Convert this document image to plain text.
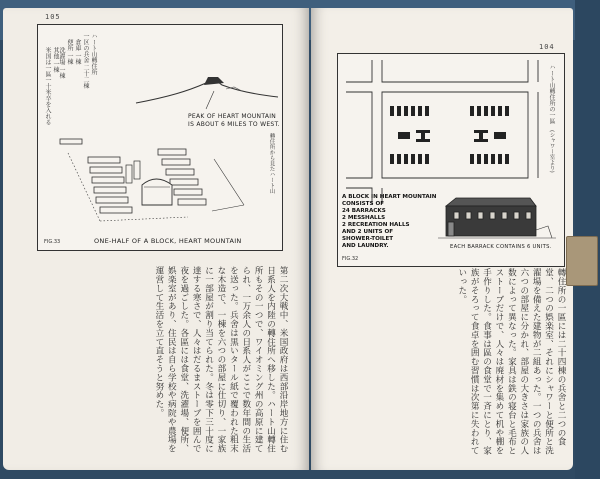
105
ハート山轉住所
一区の兵舍 二十二棟
倉庫 一棟
便所 一棟
洗濯場 一棟
其他 一棟
米国は一區一十米卒を入れる	PEAK OF HEART MOUNTAIN
IS ABOUT 6 MILES TO WEST.
轉住所から見たハート山
ONE-HALF OF A BLOCK, HEART MOUNTAIN
FIG.33
第二次大戦中、米国政府は西部沿岸地方に住む日系人を内陸の轉住所へ移した。ハート山轉住所もその一つで、ワイオミング州の高原に建てられ、一万余人の日系人がここで数年間の生活を送った。兵舍は黒いタール紙で覆われた粗末な木造で、一棟を六つの部屋に仕切り、一家族に一部屋が割り当てられた。冬は零下三十度に達する寒さで、人々はだるまストーブを囲んで夜を過ごした。各區には食堂、洗濯場、便所、娯楽室があり、住民は自ら学校や病院や農場を運営して生活を立て直そうと努めた。
104
ハート山轉住所の一區
(シャワー室より)
A BLOCK IN HEART MOUNTAIN
CONSISTS OF
24 BARRACKS
2 MESSHALLS
2 RECREATION HALLS
AND 2 UNITS OF
SHOWER-TOILET
AND LAUNDRY.	EACH BARRACK CONTAINS 6 UNITS.
FIG.32
轉住所の一區には二十四棟の兵舍と二つの食堂、二つの娯楽室、それにシャワーと便所と洗濯場を備えた建物が二組あった。一つの兵舍は六つの部屋に分かれ、部屋の大きさは家族の人数によって異なった。家具は鉄の寝台と毛布とストーブだけで、人々は廃材を集めて机や棚を手作りした。食事は區の食堂で一斉にとり、家族がそろって食卓を囲む習慣は次第に失われていった。
